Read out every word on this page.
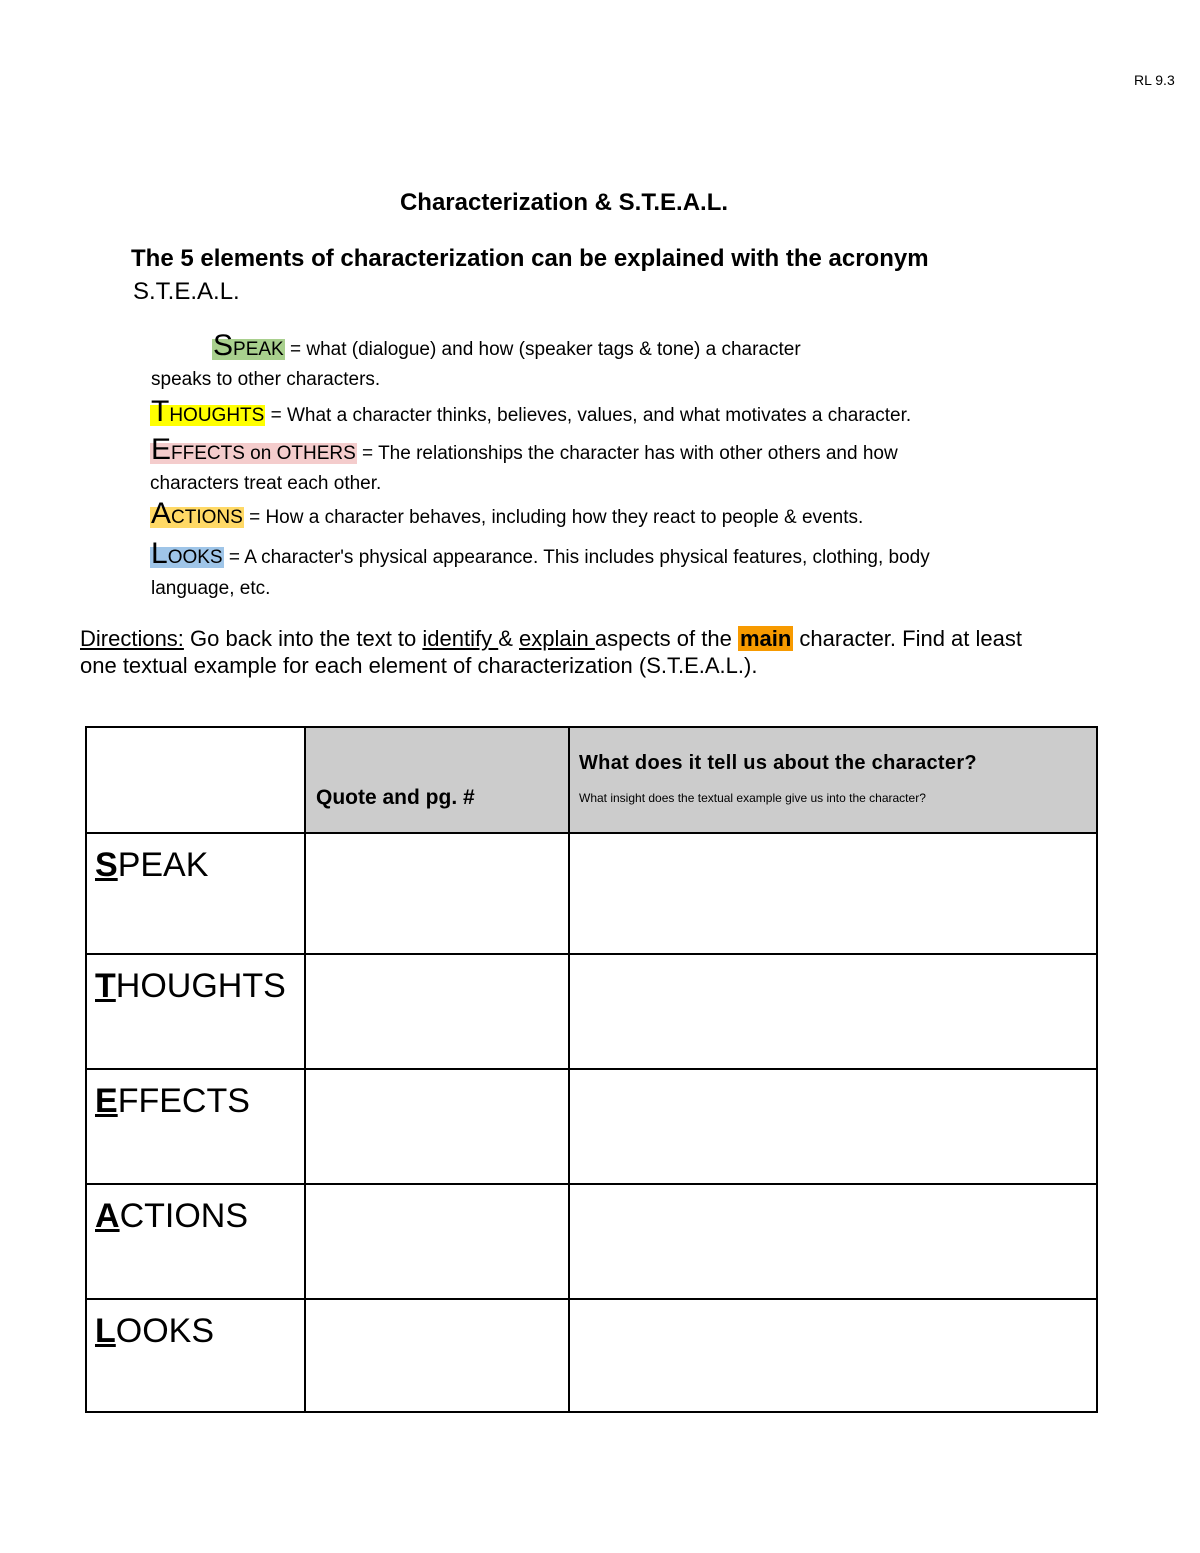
RL 9.3
Characterization & S.T.E.A.L.
The 5 elements of characterization can be explained with the acronym
S.T.E.A.L.
SPEAK = what (dialogue) and how (speaker tags & tone) a character
speaks to other characters.
THOUGHTS = What a character thinks, believes, values, and what motivates a character.
EFFECTS on OTHERS = The relationships the character has with other others and how
characters treat each other.
ACTIONS = How a character behaves, including how they react to people & events.
LOOKS = A character's physical appearance. This includes physical features, clothing, body
language, etc.
Directions: Go back into the text to identify & explain aspects of the main character. Find at least
one textual example for each element of characterization (S.T.E.A.L.).
	Quote and pg. #	What does it tell us about the character?
What insight does the textual example give us into the character?

SPEAK		
THOUGHTS		
EFFECTS		
ACTIONS		
LOOKS		
